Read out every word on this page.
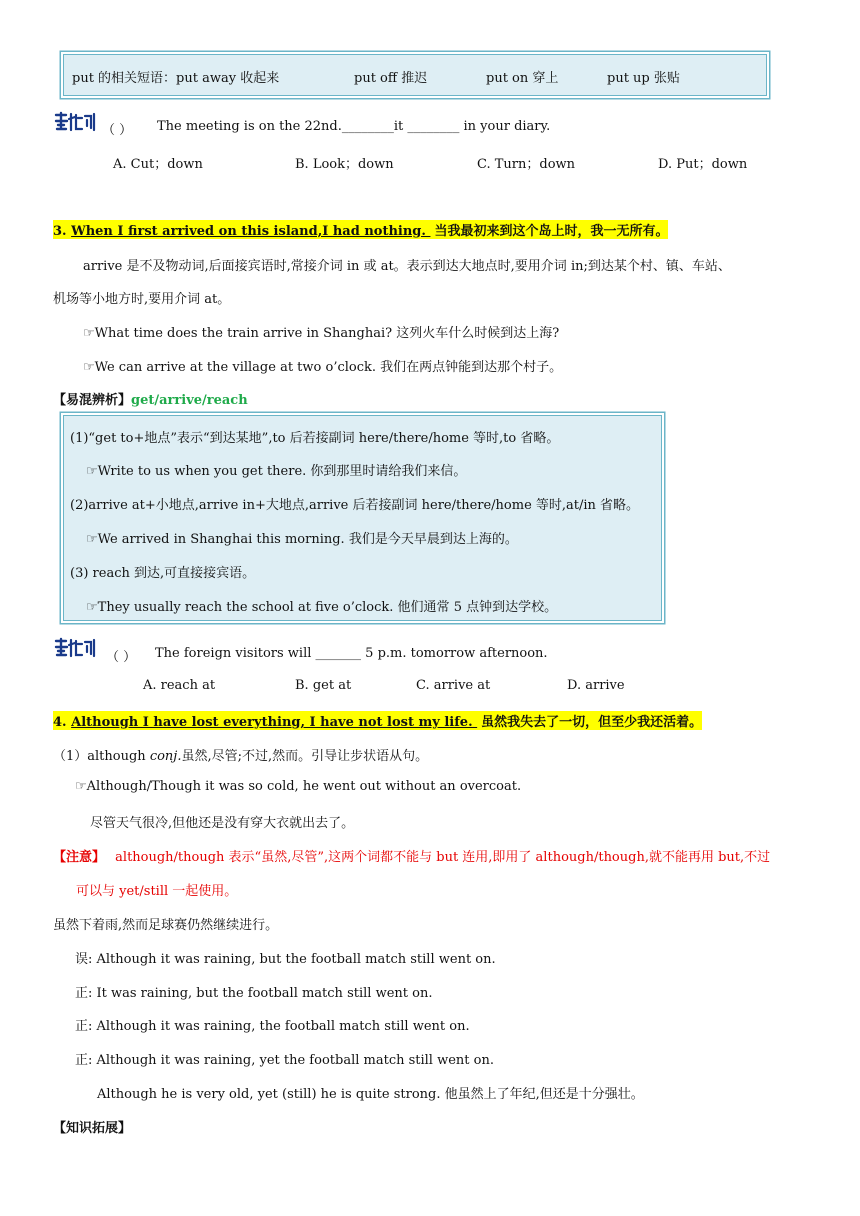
put 的相关短语：put away 收起来	put off 推迟	put on 穿上	put up 张贴
（ ） The meeting is on the 22nd.________it ________ in your diary.
A. Cut；down	B. Look；down	C. Turn；down	D. Put；down
3. When I first arrived on this island,I had nothing. 当我最初来到这个岛上时，我一无所有。
arrive 是不及物动词,后面接宾语时,常接介词 in 或 at。表示到达大地点时,要用介词 in;到达某个村、镇、车站、
机场等小地方时,要用介词 at。
☞What time does the train arrive in Shanghai? 这列火车什么时候到达上海?
☞We can arrive at the village at two o’clock. 我们在两点钟能到达那个村子。
【易混辨析】get/arrive/reach
(1)“get to+地点”表示“到达某地”,to 后若接副词 here/there/home 等时,to 省略。
☞Write to us when you get there. 你到那里时请给我们来信。
(2)arrive at+小地点,arrive in+大地点,arrive 后若接副词 here/there/home 等时,at/in 省略。
☞We arrived in Shanghai this morning. 我们是今天早晨到达上海的。
(3) reach 到达,可直接接宾语。
☞They usually reach the school at five o’clock. 他们通常 5 点钟到达学校。
（ ） The foreign visitors will _______ 5 p.m. tomorrow afternoon.
A. reach at	B. get at	C. arrive at	D. arrive
4. Although I have lost everything, I have not lost my life. 虽然我失去了一切，但至少我还活着。
（1）although conj.虽然,尽管;不过,然而。引导让步状语从句。
☞Although/Though it was so cold, he went out without an overcoat.
尽管天气很冷,但他还是没有穿大衣就出去了。
【注意】 although/though 表示“虽然,尽管”,这两个词都不能与 but 连用,即用了 although/though,就不能再用 but,不过
可以与 yet/still 一起使用。
虽然下着雨,然而足球赛仍然继续进行。
误: Although it was raining, but the football match still went on.
正: It was raining, but the football match still went on.
正: Although it was raining, the football match still went on.
正: Although it was raining, yet the football match still went on.
Although he is very old, yet (still) he is quite strong. 他虽然上了年纪,但还是十分强壮。
【知识拓展】
